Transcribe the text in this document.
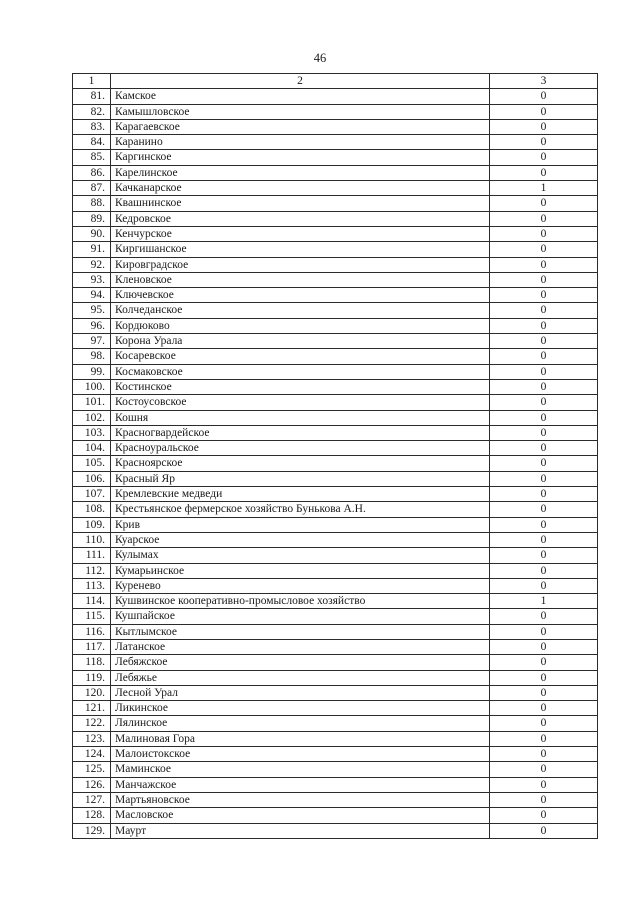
46
1	2	3
81.	Камское	0
82.	Камышловское	0
83.	Карагаевское	0
84.	Каранино	0
85.	Каргинское	0
86.	Карелинское	0
87.	Качканарское	1
88.	Квашнинское	0
89.	Кедровское	0
90.	Кенчурское	0
91.	Киргишанское	0
92.	Кировградское	0
93.	Кленовское	0
94.	Ключевское	0
95.	Колчеданское	0
96.	Кордюково	0
97.	Корона Урала	0
98.	Косаревское	0
99.	Космаковское	0
100.	Костинское	0
101.	Костоусовское	0
102.	Кошня	0
103.	Красногвардейское	0
104.	Красноуральское	0
105.	Красноярское	0
106.	Красный Яр	0
107.	Кремлевские медведи	0
108.	Крестьянское фермерское хозяйство Бунькова А.Н.	0
109.	Крив	0
110.	Куарское	0
111.	Кулымах	0
112.	Кумарьинское	0
113.	Куренево	0
114.	Кушвинское кооперативно-промысловое хозяйство	1
115.	Кушпайское	0
116.	Кытлымское	0
117.	Латанское	0
118.	Лебяжское	0
119.	Лебяжье	0
120.	Лесной Урал	0
121.	Ликинское	0
122.	Лялинское	0
123.	Малиновая Гора	0
124.	Малоистокское	0
125.	Маминское	0
126.	Манчажское	0
127.	Мартьяновское	0
128.	Масловское	0
129.	Маурт	0
